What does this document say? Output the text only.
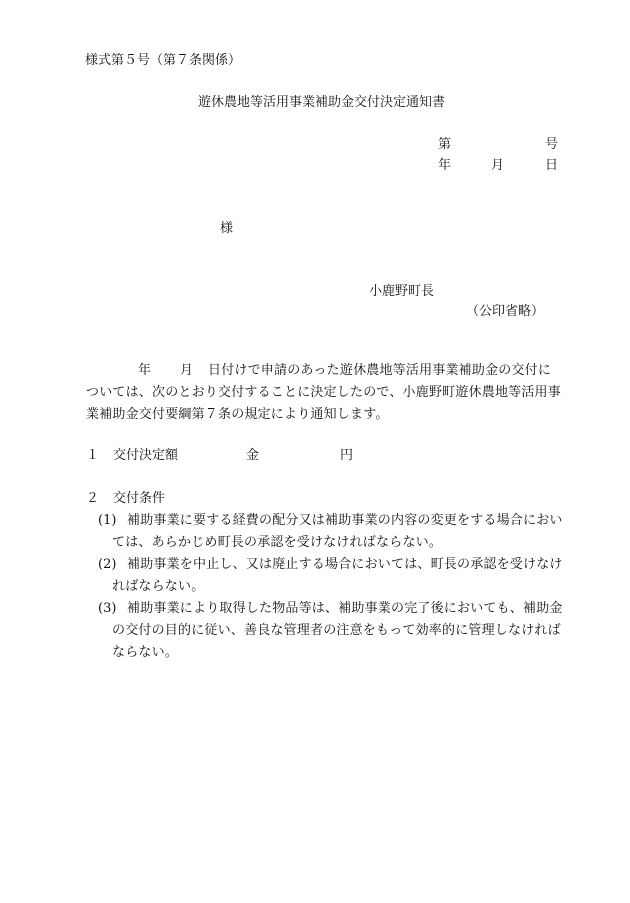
様式第５号（第７条関係）
遊休農地等活用事業補助金交付決定通知書
第	号
年	月	日
様
小鹿野町長
（公印省略）
年 月 日付けで申請のあった遊休農地等活用事業補助金の交付に
ついては、次のとおり交付することに決定したので、小鹿野町遊休農地等活用事
業補助金交付要綱第７条の規定により通知します。
１ 交付決定額	金	円
２ 交付条件
(1) 補助事業に要する経費の配分又は補助事業の内容の変更をする場合におい
ては、あらかじめ町長の承認を受けなければならない。
(2) 補助事業を中止し、又は廃止する場合においては、町長の承認を受けなけ
ればならない。
(3) 補助事業により取得した物品等は、補助事業の完了後においても、補助金
の交付の目的に従い、善良な管理者の注意をもって効率的に管理しなければ
ならない。
